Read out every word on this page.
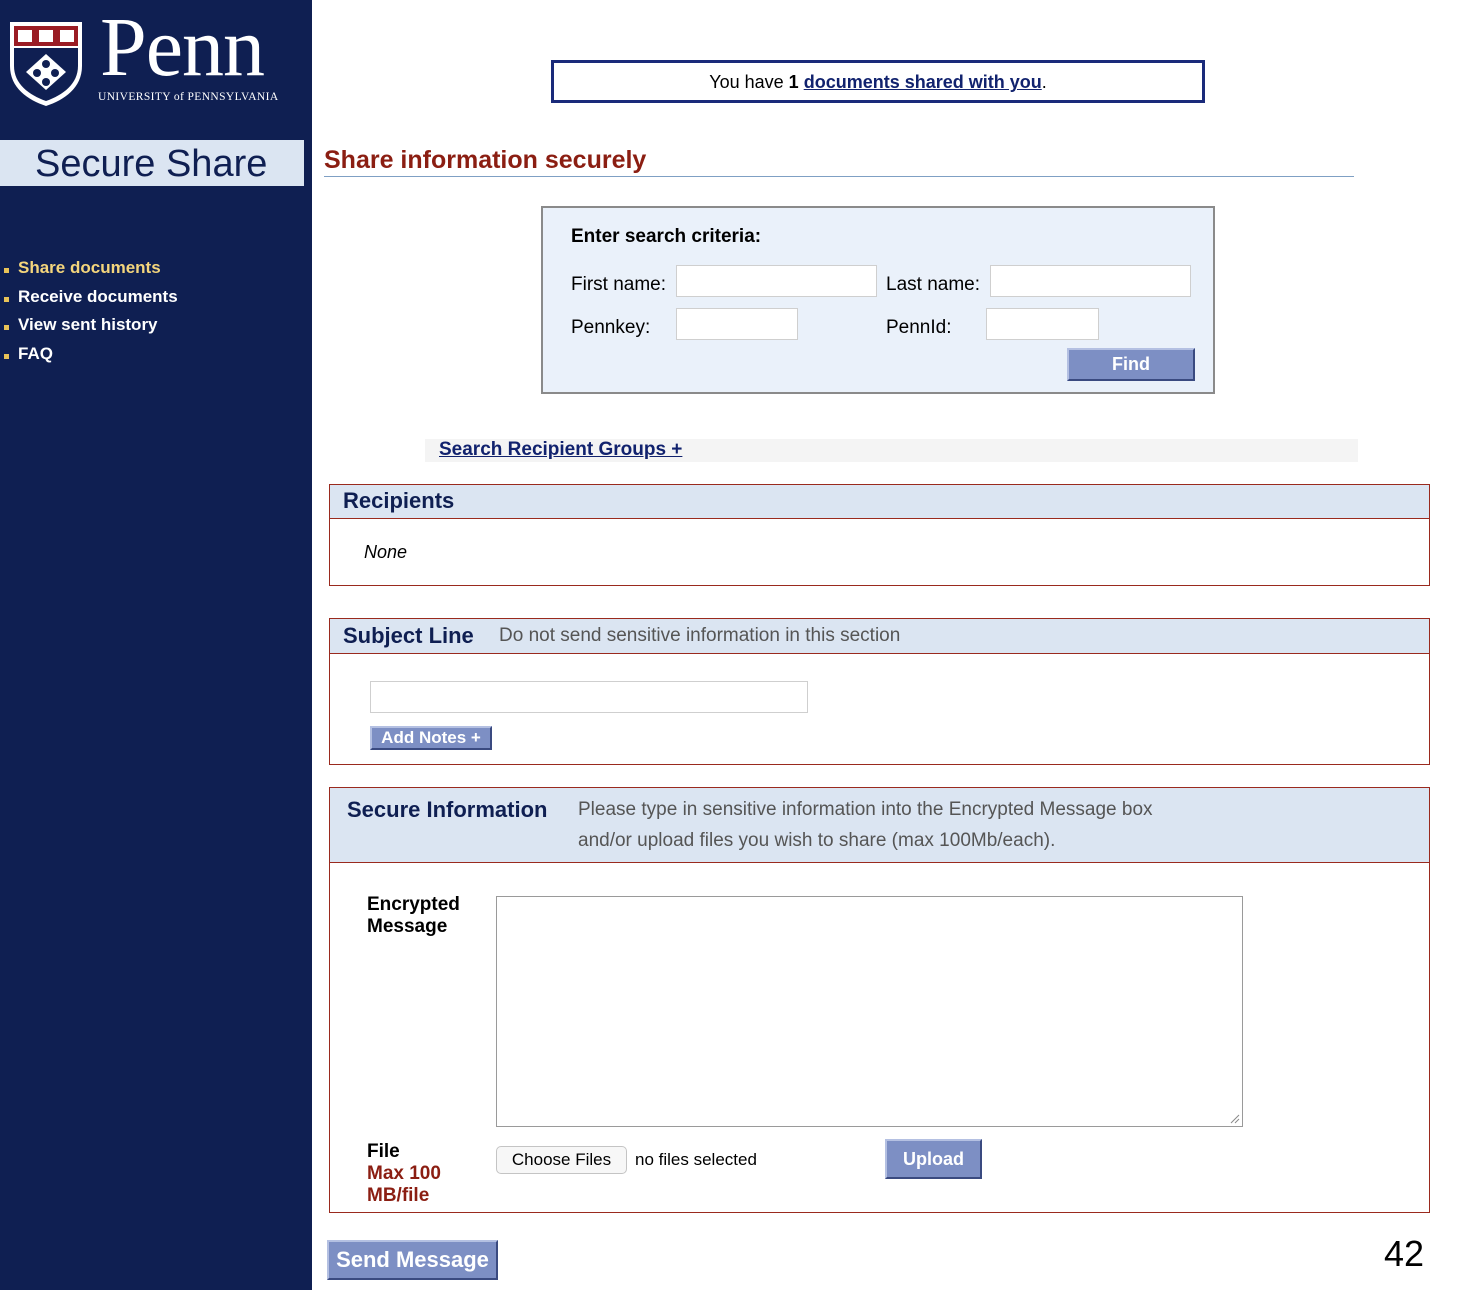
Penn
UNIVERSITY of PENNSYLVANIA
Secure Share
Share documents
Receive documents
View sent history
FAQ
You have 1 documents shared with you.
Share information securely
Enter search criteria:
First name:	Last name:
Pennkey:	PennId:
Find
Search Recipient Groups +
Recipients
None
Subject Line Do not send sensitive information in this section
Add Notes +
Secure Information Please type in sensitive information into the Encrypted Message box
and/or upload files you wish to share (max 100Mb/each).
Encrypted
Message
File
Max 100
MB/file
Choose Files	no files selected	Upload
Send Message	42
